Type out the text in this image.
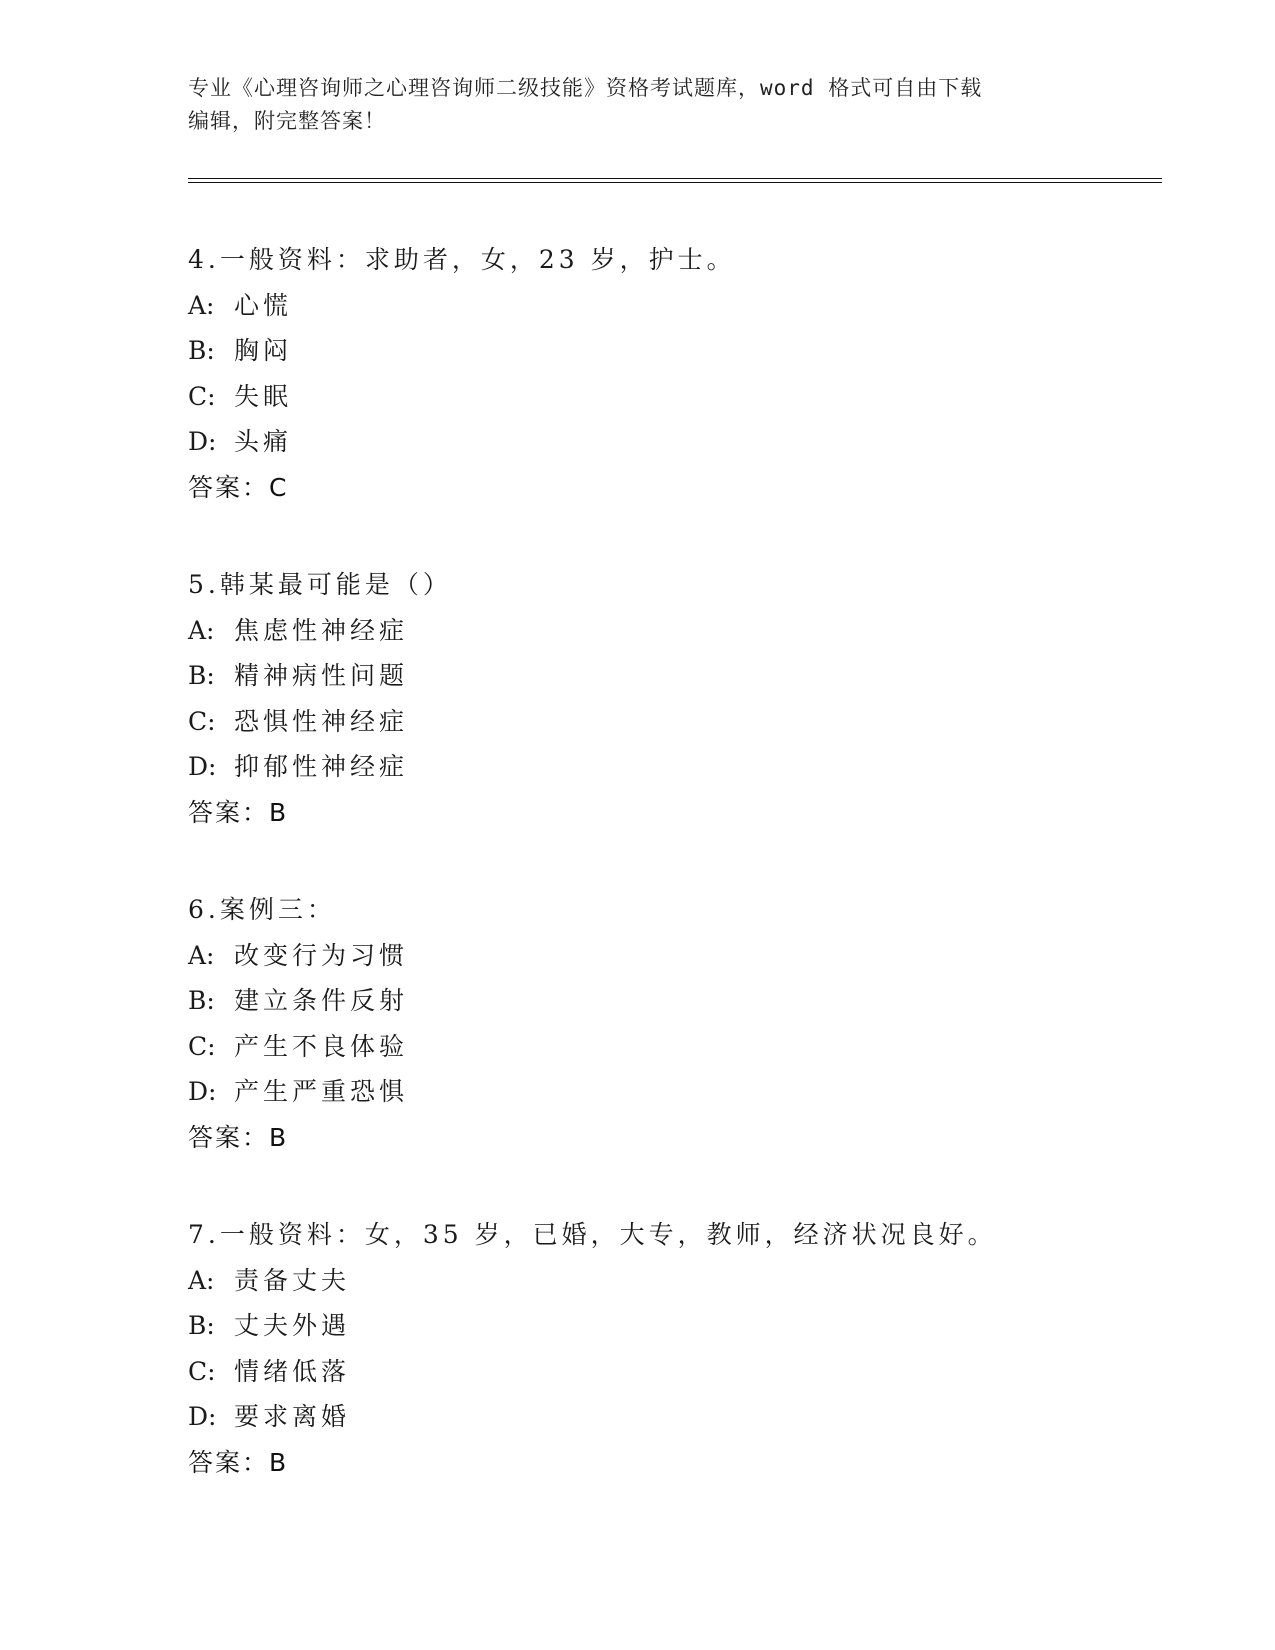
专业《心理咨询师之心理咨询师二级技能》资格考试题库，word 格式可自由下载
编辑，附完整答案！
4.一般资料：求助者，女，23 岁，护士。
A: 心慌
B: 胸闷
C: 失眠
D: 头痛
答案：C
5.韩某最可能是（）
A: 焦虑性神经症
B: 精神病性问题
C: 恐惧性神经症
D: 抑郁性神经症
答案：B
6.案例三：
A: 改变行为习惯
B: 建立条件反射
C: 产生不良体验
D: 产生严重恐惧
答案：B
7.一般资料：女，35 岁，已婚，大专，教师，经济状况良好。
A: 责备丈夫
B: 丈夫外遇
C: 情绪低落
D: 要求离婚
答案：B
